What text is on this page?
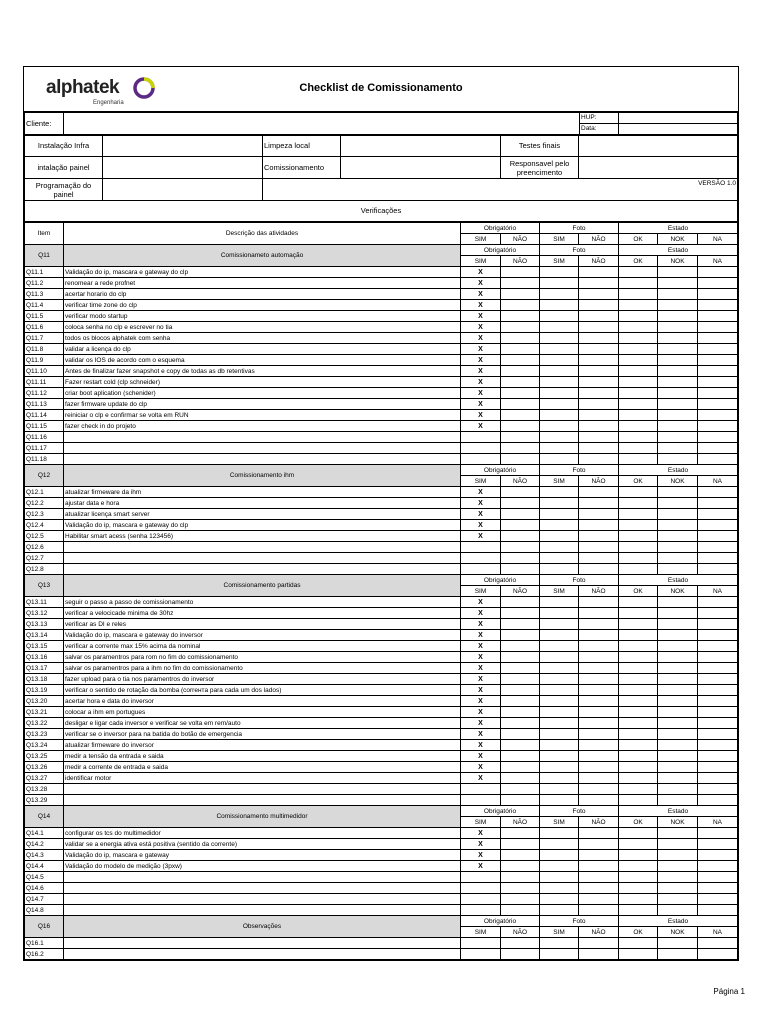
alphatek
Engenharia
Checklist de Comissionamento
Cliente:		HUP:	
		Data:	
Instalação Infra		Limpeza local		Testes finais	
intalação painel		Comissionamento		Responsavel pelo preencimento	
Programação do painel		VERSÃO 1.0			
Verificações					
Item	Descrição das atividades	Obrigatório		Foto		Estado		
		SIM	NÃO	SIM	NÃO	OK	NOK	NA
Q11	Comissionameto automação	Obrigatório		Foto		Estado		
		SIM	NÃO	SIM	NÃO	OK	NOK	NA
Q11.1	Validação do ip, mascara e gateway do clp	X						
Q11.2	renomear a rede profnet	X						
Q11.3	acertar horario do clp	X						
Q11.4	verificar time zone do clp	X						
Q11.5	verificar modo startup	X						
Q11.6	coloca senha no clp e escrever no tia	X						
Q11.7	todos os blocos alphatek com senha	X						
Q11.8	validar a licença do clp	X						
Q11.9	validar os IOS de acordo com o esquema	X						
Q11.10	Antes de finalizar fazer snapshot e copy de todas as db retentivas	X						
Q11.11	Fazer restart cold (clp schneider)	X						
Q11.12	criar boot aplication (schenider)	X						
Q11.13	fazer firmware update do clp	X						
Q11.14	reiniciar o clp e confirmar se volta em RUN	X						
Q11.15	fazer check in do projeto	X						
Q11.16								
Q11.17								
Q11.18								
Q12	Comissionamento ihm	Obrigatório		Foto		Estado		
		SIM	NÃO	SIM	NÃO	OK	NOK	NA
Q12.1	atualizar firmeware da ihm	X						
Q12.2	ajustar data e hora	X						
Q12.3	atualizar licença smart server	X						
Q12.4	Validação do ip, mascara e gateway do clp	X						
Q12.5	Habilitar smart acess (senha 123456)	X						
Q12.6								
Q12.7								
Q12.8								
Q13	Comissionamento partidas	Obrigatório		Foto		Estado		
		SIM	NÃO	SIM	NÃO	OK	NOK	NA
Q13.11	seguir o passo a passo de comissionamento	X						
Q13.12	verificar a velocicade minima de 30hz	X						
Q13.13	verificar as DI e reles	X						
Q13.14	Validação do ip, mascara e gateway do inversor	X						
Q13.15	verificar a corrente max 15% acima da nominal	X						
Q13.16	salvar os paramentros para rom no fim do comissionamento	X						
Q13.17	salvar os paramentros para a ihm no fim do comissionamento	X						
Q13.18	fazer upload para o tia nos paramentros do inversor	X						
Q13.19	verificar o sentido de rotação da bomba (corrента para cada um dos lados)	X						
Q13.20	acertar hora e data do inversor	X						
Q13.21	colocar a ihm em portugues	X						
Q13.22	desligar e ligar cada inversor e verificar se volta em rem/auto	X						
Q13.23	verificar se o inversor para na batida do botão de emergencia	X						
Q13.24	atualizar firmeware do inversor	X						
Q13.25	medir a tensão da entrada e saida	X						
Q13.26	medir a corrente de entrada e saida	X						
Q13.27	identificar motor	X						
Q13.28								
Q13.29								
Q14	Comissionamento multimedidor	Obrigatório		Foto		Estado		
		SIM	NÃO	SIM	NÃO	OK	NOK	NA
Q14.1	configurar os tcs do multimedidor	X						
Q14.2	validar se a energia ativa está positiva (sentido da corrente)	X						
Q14.3	Validação do ip, mascara e gateway	X						
Q14.4	Validação do modelo de medição (3pxw)	X						
Q14.5								
Q14.6								
Q14.7								
Q14.8								
Q16	Observações	Obrigatório		Foto		Estado		
		SIM	NÃO	SIM	NÃO	OK	NOK	NA
Q16.1								
Q16.2								
Página 1
